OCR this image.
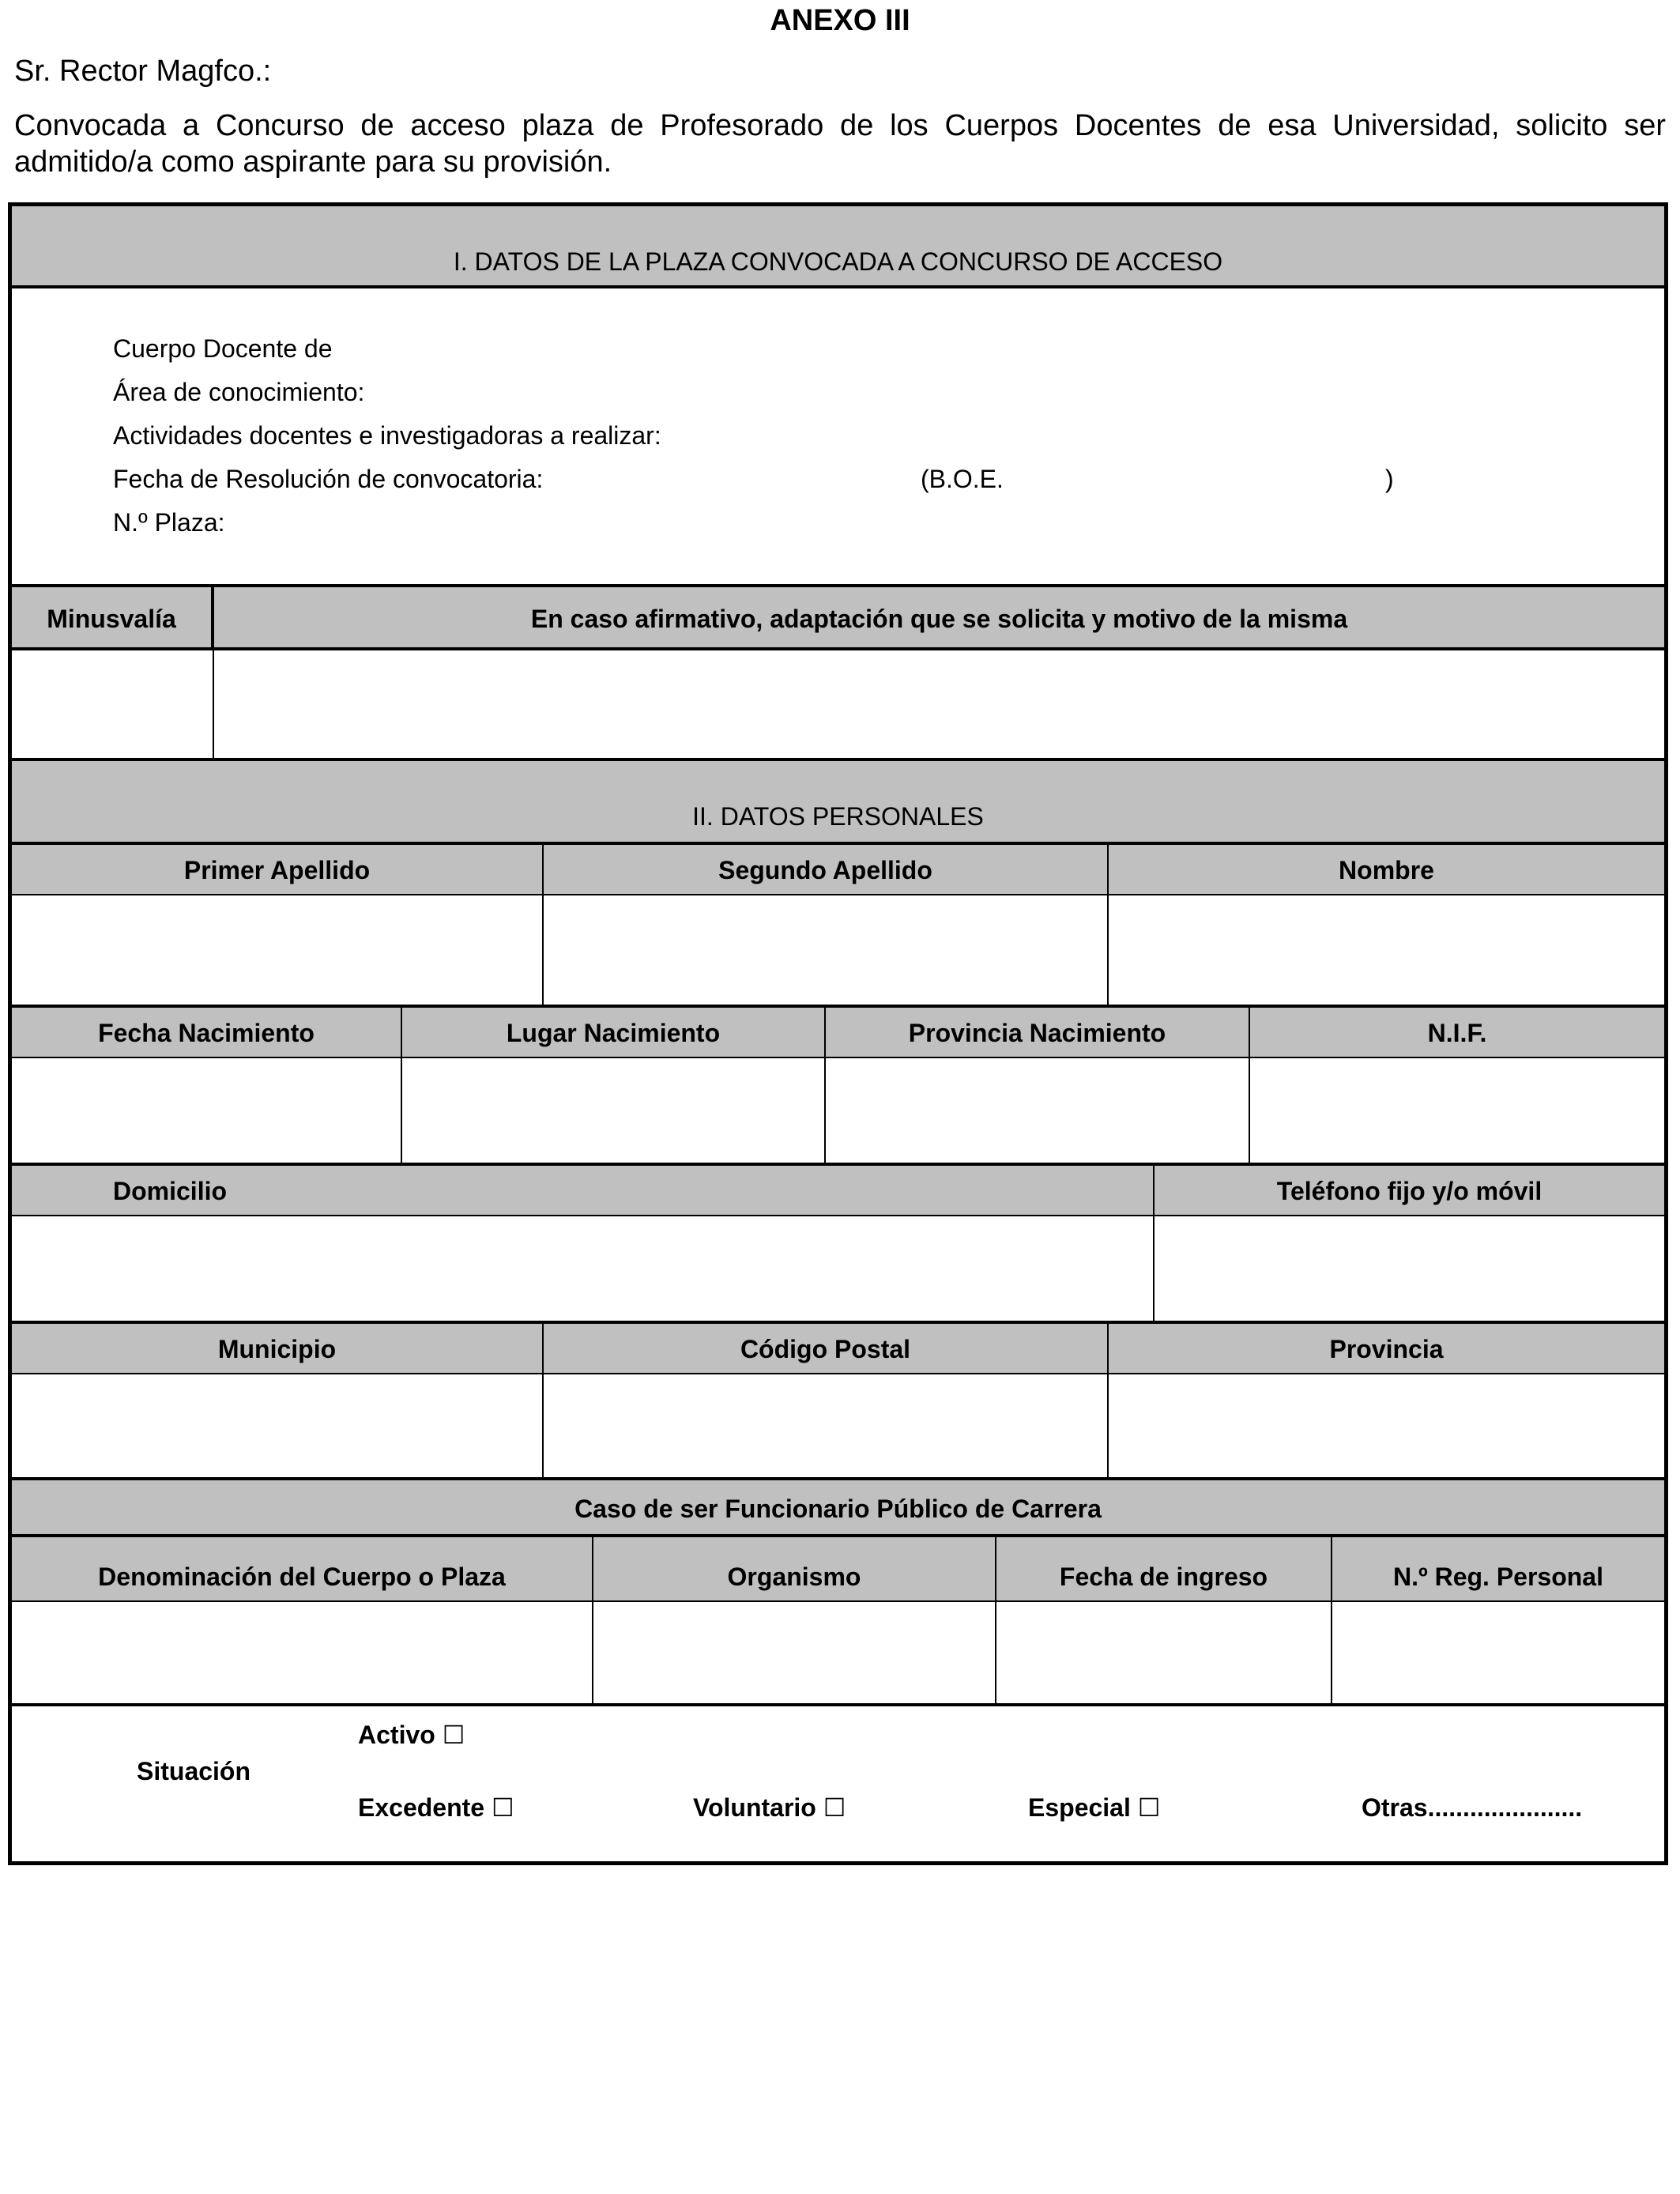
ANEXO III
Sr. Rector Magfco.:
Convocada a Concurso de acceso plaza de Profesorado de los Cuerpos Docentes de esa Universidad, solicito ser
admitido/a como aspirante para su provisión.
I. DATOS DE LA PLAZA CONVOCADA A CONCURSO DE ACCESO
Cuerpo Docente de
Área de conocimiento:
Actividades docentes e investigadoras a realizar:
Fecha de Resolución de convocatoria:	(B.O.E.	)
N.º Plaza:
Minusvalía	En caso afirmativo, adaptación que se solicita y motivo de la misma
II. DATOS PERSONALES
Primer Apellido	Segundo Apellido	Nombre
Fecha Nacimiento	Lugar Nacimiento	Provincia Nacimiento	N.I.F.
Domicilio	Teléfono fijo y/o móvil
Municipio	Código Postal	Provincia
Caso de ser Funcionario Público de Carrera
Denominación del Cuerpo o Plaza	Organismo	Fecha de ingreso	N.º Reg. Personal
Situación
Activo ☐
Excedente ☐	Voluntario ☐	Especial ☐	Otras......................
